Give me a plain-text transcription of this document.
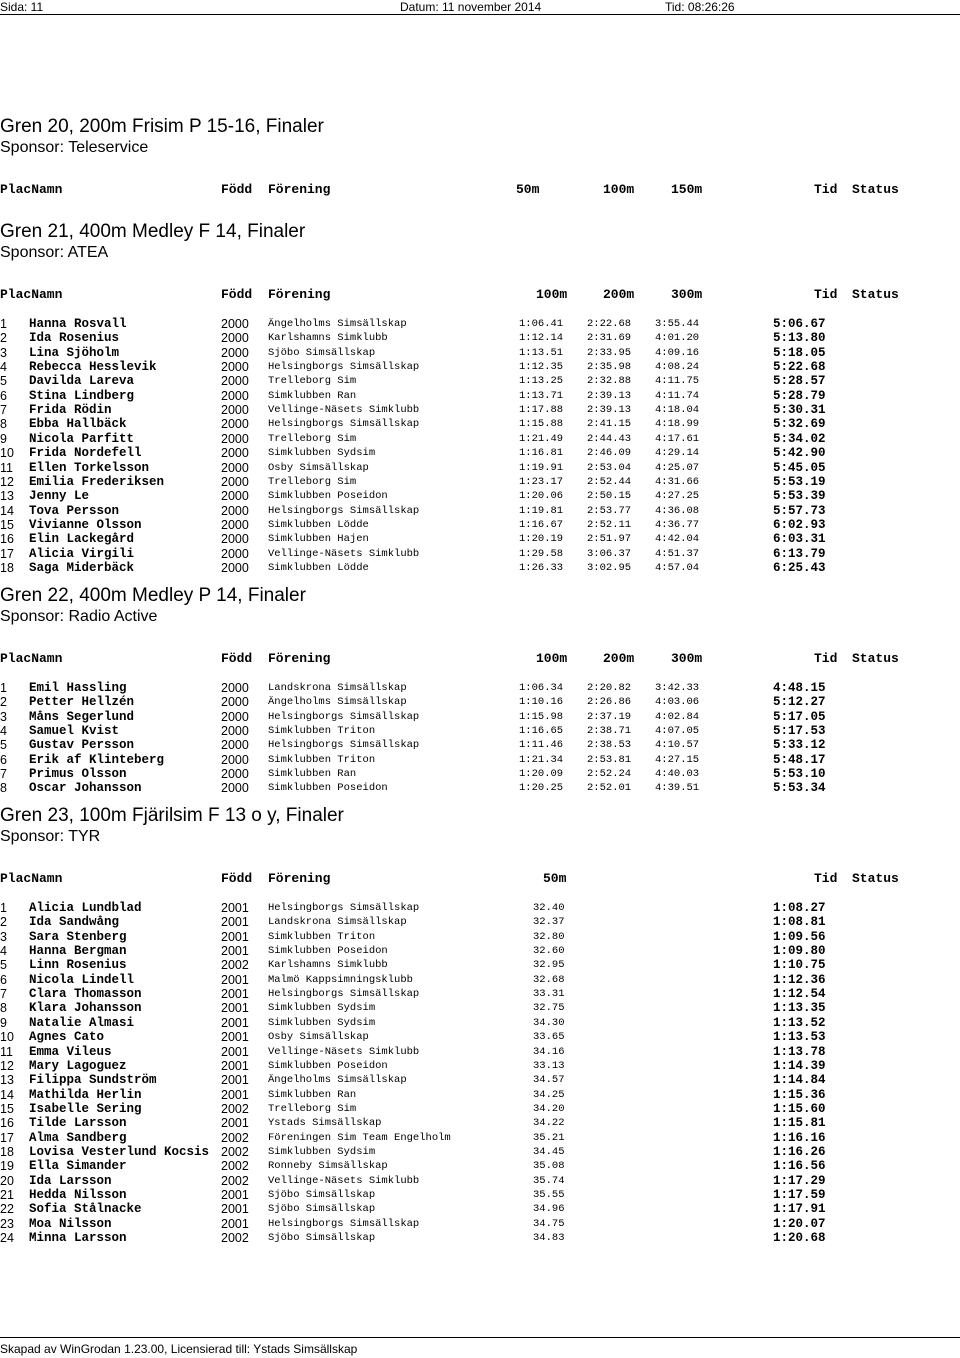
Sida: 11	Datum: 11 november 2014	Tid: 08:26:26
Gren 20, 200m Frisim P 15-16, Finaler
Sponsor: Teleservice
PlacNamn	Född Förening	50m	100m	150m	Tid Status
Gren 21, 400m Medley F 14, Finaler
Sponsor: ATEA
PlacNamn	Född Förening	100m	200m	300m	Tid Status
1 Hanna Rosvall	2000 Ängelholms Simsällskap	1:06.41 2:22.68 3:55.44	5:06.67
2 Ida Rosenius	2000 Karlshamns Simklubb	1:12.14 2:31.69 4:01.20	5:13.80
3 Lina Sjöholm	2000 Sjöbo Simsällskap	1:13.51 2:33.95 4:09.16	5:18.05
4 Rebecca Hesslevik	2000 Helsingborgs Simsällskap	1:12.35 2:35.98 4:08.24	5:22.68
5 Davilda Lareva	2000 Trelleborg Sim	1:13.25 2:32.88 4:11.75	5:28.57
6 Stina Lindberg	2000 Simklubben Ran	1:13.71 2:39.13 4:11.74	5:28.79
7 Frida Rödin	2000 Vellinge-Näsets Simklubb	1:17.88 2:39.13 4:18.04	5:30.31
8 Ebba Hallbäck	2000 Helsingborgs Simsällskap	1:15.88 2:41.15 4:18.99	5:32.69
9 Nicola Parfitt	2000 Trelleborg Sim	1:21.49 2:44.43 4:17.61	5:34.02
10 Frida Nordefell	2000 Simklubben Sydsim	1:16.81 2:46.09 4:29.14	5:42.90
11 Ellen Torkelsson	2000 Osby Simsällskap	1:19.91 2:53.04 4:25.07	5:45.05
12 Emilia Frederiksen	2000 Trelleborg Sim	1:23.17 2:52.44 4:31.66	5:53.19
13 Jenny Le	2000 Simklubben Poseidon	1:20.06 2:50.15 4:27.25	5:53.39
14 Tova Persson	2000 Helsingborgs Simsällskap	1:19.81 2:53.77 4:36.08	5:57.73
15 Vivianne Olsson	2000 Simklubben Lödde	1:16.67 2:52.11 4:36.77	6:02.93
16 Elin Lackegård	2000 Simklubben Hajen	1:20.19 2:51.97 4:42.04	6:03.31
17 Alicia Virgili	2000 Vellinge-Näsets Simklubb	1:29.58 3:06.37 4:51.37	6:13.79
18 Saga Miderbäck	2000 Simklubben Lödde	1:26.33 3:02.95 4:57.04	6:25.43
Gren 22, 400m Medley P 14, Finaler
Sponsor: Radio Active
PlacNamn	Född Förening	100m	200m	300m	Tid Status
1 Emil Hassling	2000 Landskrona Simsällskap	1:06.34 2:20.82 3:42.33	4:48.15
2 Petter Hellzén	2000 Ängelholms Simsällskap	1:10.16 2:26.86 4:03.06	5:12.27
3 Måns Segerlund	2000 Helsingborgs Simsällskap	1:15.98 2:37.19 4:02.84	5:17.05
4 Samuel Kvist	2000 Simklubben Triton	1:16.65 2:38.71 4:07.05	5:17.53
5 Gustav Persson	2000 Helsingborgs Simsällskap	1:11.46 2:38.53 4:10.57	5:33.12
6 Erik af Klinteberg	2000 Simklubben Triton	1:21.34 2:53.81 4:27.15	5:48.17
7 Primus Olsson	2000 Simklubben Ran	1:20.09 2:52.24 4:40.03	5:53.10
8 Oscar Johansson	2000 Simklubben Poseidon	1:20.25 2:52.01 4:39.51	5:53.34
Gren 23, 100m Fjärilsim F 13 o y, Finaler
Sponsor: TYR
PlacNamn	Född Förening	50m	Tid Status
1 Alicia Lundblad	2001 Helsingborgs Simsällskap	32.40	1:08.27
2 Ida Sandwång	2001 Landskrona Simsällskap	32.37	1:08.81
3 Sara Stenberg	2001 Simklubben Triton	32.80	1:09.56
4 Hanna Bergman	2001 Simklubben Poseidon	32.60	1:09.80
5 Linn Rosenius	2002 Karlshamns Simklubb	32.95	1:10.75
6 Nicola Lindell	2001 Malmö Kappsimningsklubb	32.68	1:12.36
7 Clara Thomasson	2001 Helsingborgs Simsällskap	33.31	1:12.54
8 Klara Johansson	2001 Simklubben Sydsim	32.75	1:13.35
9 Natalie Almasi	2001 Simklubben Sydsim	34.30	1:13.52
10 Agnes Cato	2001 Osby Simsällskap	33.65	1:13.53
11 Emma Vileus	2001 Vellinge-Näsets Simklubb	34.16	1:13.78
12 Mary Lagoguez	2001 Simklubben Poseidon	33.13	1:14.39
13 Filippa Sundström	2001 Ängelholms Simsällskap	34.57	1:14.84
14 Mathilda Herlin	2001 Simklubben Ran	34.25	1:15.36
15 Isabelle Sering	2002 Trelleborg Sim	34.20	1:15.60
16 Tilde Larsson	2001 Ystads Simsällskap	34.22	1:15.81
17 Alma Sandberg	2002 Föreningen Sim Team Engelholm	35.21	1:16.16
18 Lovisa Vesterlund Kocsis 2002 Simklubben Sydsim	34.45	1:16.26
19 Ella Simander	2002 Ronneby Simsällskap	35.08	1:16.56
20 Ida Larsson	2002 Vellinge-Näsets Simklubb	35.74	1:17.29
21 Hedda Nilsson	2001 Sjöbo Simsällskap	35.55	1:17.59
22 Sofia Stålnacke	2001 Sjöbo Simsällskap	34.96	1:17.91
23 Moa Nilsson	2001 Helsingborgs Simsällskap	34.75	1:20.07
24 Minna Larsson	2002 Sjöbo Simsällskap	34.83	1:20.68
Skapad av WinGrodan 1.23.00, Licensierad till: Ystads Simsällskap
